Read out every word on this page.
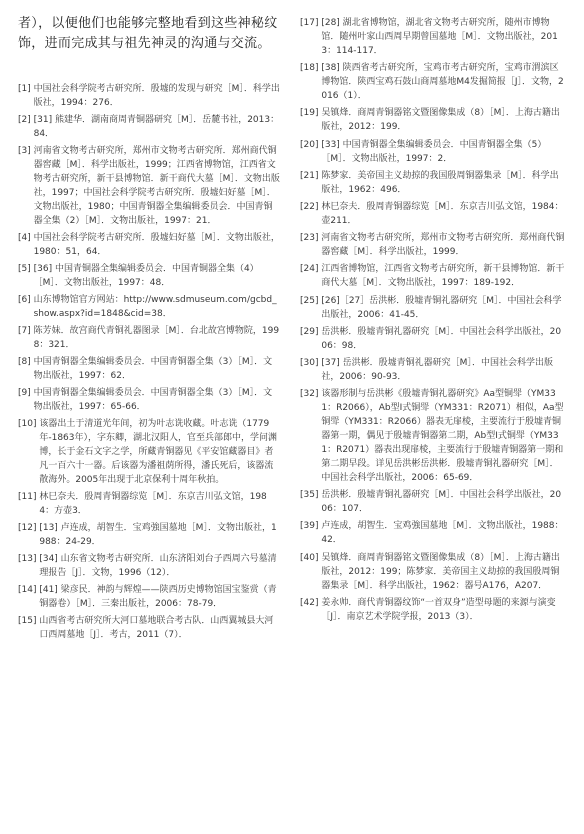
者），以便他们也能够完整地看到这些神秘纹饰，进而完成其与祖先神灵的沟通与交流。
[1] 中国社会科学院考古研究所．殷墟的发现与研究［M］．科学出版社，1994：276．
[2] [31] 熊建华．湖南商周青铜器研究［M］．岳麓书社，2013：84．
[3] 河南省文物考古研究所，郑州市文物考古研究所．郑州商代铜器窖藏［M］．科学出版社，1999；江西省博物馆，江西省文物考古研究所，新干县博物馆．新干商代大墓［M］．文物出版社，1997；中国社会科学院考古研究所．殷墟妇好墓［M］．文物出版社，1980；中国青铜器全集编辑委员会．中国青铜器全集（2）［M］．文物出版社，1997：21．
[4] 中国社会科学院考古研究所．殷墟妇好墓［M］．文物出版社，1980：51，64．
[5] [36] 中国青铜器全集编辑委员会．中国青铜器全集（4）［M］．文物出版社，1997：48．
[6] 山东博物馆官方网站：http://www.sdmuseum.com/gcbd_show.aspx?id=1848&cid=38．
[7] 陈芳妹．故宫商代青铜礼器图录［M］．台北故宫博物院，1998：321．
[8] 中国青铜器全集编辑委员会．中国青铜器全集（3）［M］．文物出版社，1997：62．
[9] 中国青铜器全集编辑委员会．中国青铜器全集（3）［M］．文物出版社，1997：65-66．
[10] 该器出土于清道光年间，初为叶志诜收藏。叶志诜（1779年-1863年），字东卿，湖北汉阳人，官至兵部郎中，学问渊博，长于金石文字之学，所藏青铜器见《平安馆藏器目》者凡一百六十一器。后该器为潘祖荫所得，潘氏死后，该器流散海外。2005年出现于北京保利十周年秋拍。
[11] 林巳奈夫．殷周青铜器综览［M］．东京吉川弘文馆，1984：方壶3．
[12] [13] 卢连成，胡智生．宝鸡強国墓地［M］．文物出版社，1988：24-29．
[13] [34] 山东省文物考古研究所．山东济阳刘台子西周六号墓清理报告［J］．文物，1996（12）．
[14] [41] 梁彦民．神韵与辉煌——陕西历史博物馆国宝鉴赏（青铜器卷）［M］．三秦出版社，2006：78-79．
[15] 山西省考古研究所大河口墓地联合考古队．山西翼城县大河口西周墓地［J］．考古，2011（7）．
[17] [28] 湖北省博物馆，湖北省文物考古研究所，随州市博物馆．随州叶家山西周早期曾国墓地［M］．文物出版社，2013：114-117．
[18] [38] 陕西省考古研究所，宝鸡市考古研究所，宝鸡市渭滨区博物馆．陕西宝鸡石鼓山商周墓地M4发掘简报［J］．文物，2016（1）．
[19] 吴镇烽．商周青铜器铭文暨图像集成（8）［M］．上海古籍出版社，2012：199．
[20] [33] 中国青铜器全集编辑委员会．中国青铜器全集（5）［M］．文物出版社，1997：2．
[21] 陈梦家．美帝国主义劫掠的我国殷周铜器集录［M］．科学出版社，1962：496．
[22] 林巳奈夫．殷周青铜器综览［M］．东京吉川弘文馆，1984：壶211．
[23] 河南省文物考古研究所，郑州市文物考古研究所．郑州商代铜器窖藏［M］．科学出版社，1999．
[24] 江西省博物馆，江西省文物考古研究所，新干县博物馆．新干商代大墓［M］．文物出版社，1997：189-192．
[25] [26]［27］岳洪彬．殷墟青铜礼器研究［M］．中国社会科学出版社，2006：41-45．
[29] 岳洪彬．殷墟青铜礼器研究［M］．中国社会科学出版社，2006：98．
[30] [37] 岳洪彬．殷墟青铜礼器研究［M］．中国社会科学出版社，2006：90-93．
[32] 该器形制与岳洪彬《殷墟青铜礼器研究》Aa型铜斝（YM331：R2066），Ab型Ⅰ式铜斝（YM331：R2071）相似，Aa型铜斝（YM331：R2066）器表无扉棱，主要流行于殷墟青铜器第一期，偶见于殷墟青铜器第二期，Ab型Ⅰ式铜斝（YM331：R2071）器表出现扉棱，主要流行于殷墟青铜器第一期和第二期早段。详见岳洪彬岳洪彬．殷墟青铜礼器研究［M］．中国社会科学出版社，2006：65-69．
[35] 岳洪彬．殷墟青铜礼器研究［M］．中国社会科学出版社，2006：107．
[39] 卢连成，胡智生．宝鸡強国墓地［M］．文物出版社，1988：42．
[40] 吴镇烽．商周青铜器铭文暨图像集成（8）［M］．上海古籍出版社，2012：199；陈梦家．美帝国主义劫掠的我国殷周铜器集录［M］．科学出版社，1962：器号A176，A207．
[42] 姜永帅．商代青铜器纹饰“一首双身”造型母题的来源与演变［J］．南京艺术学院学报，2013（3）．
